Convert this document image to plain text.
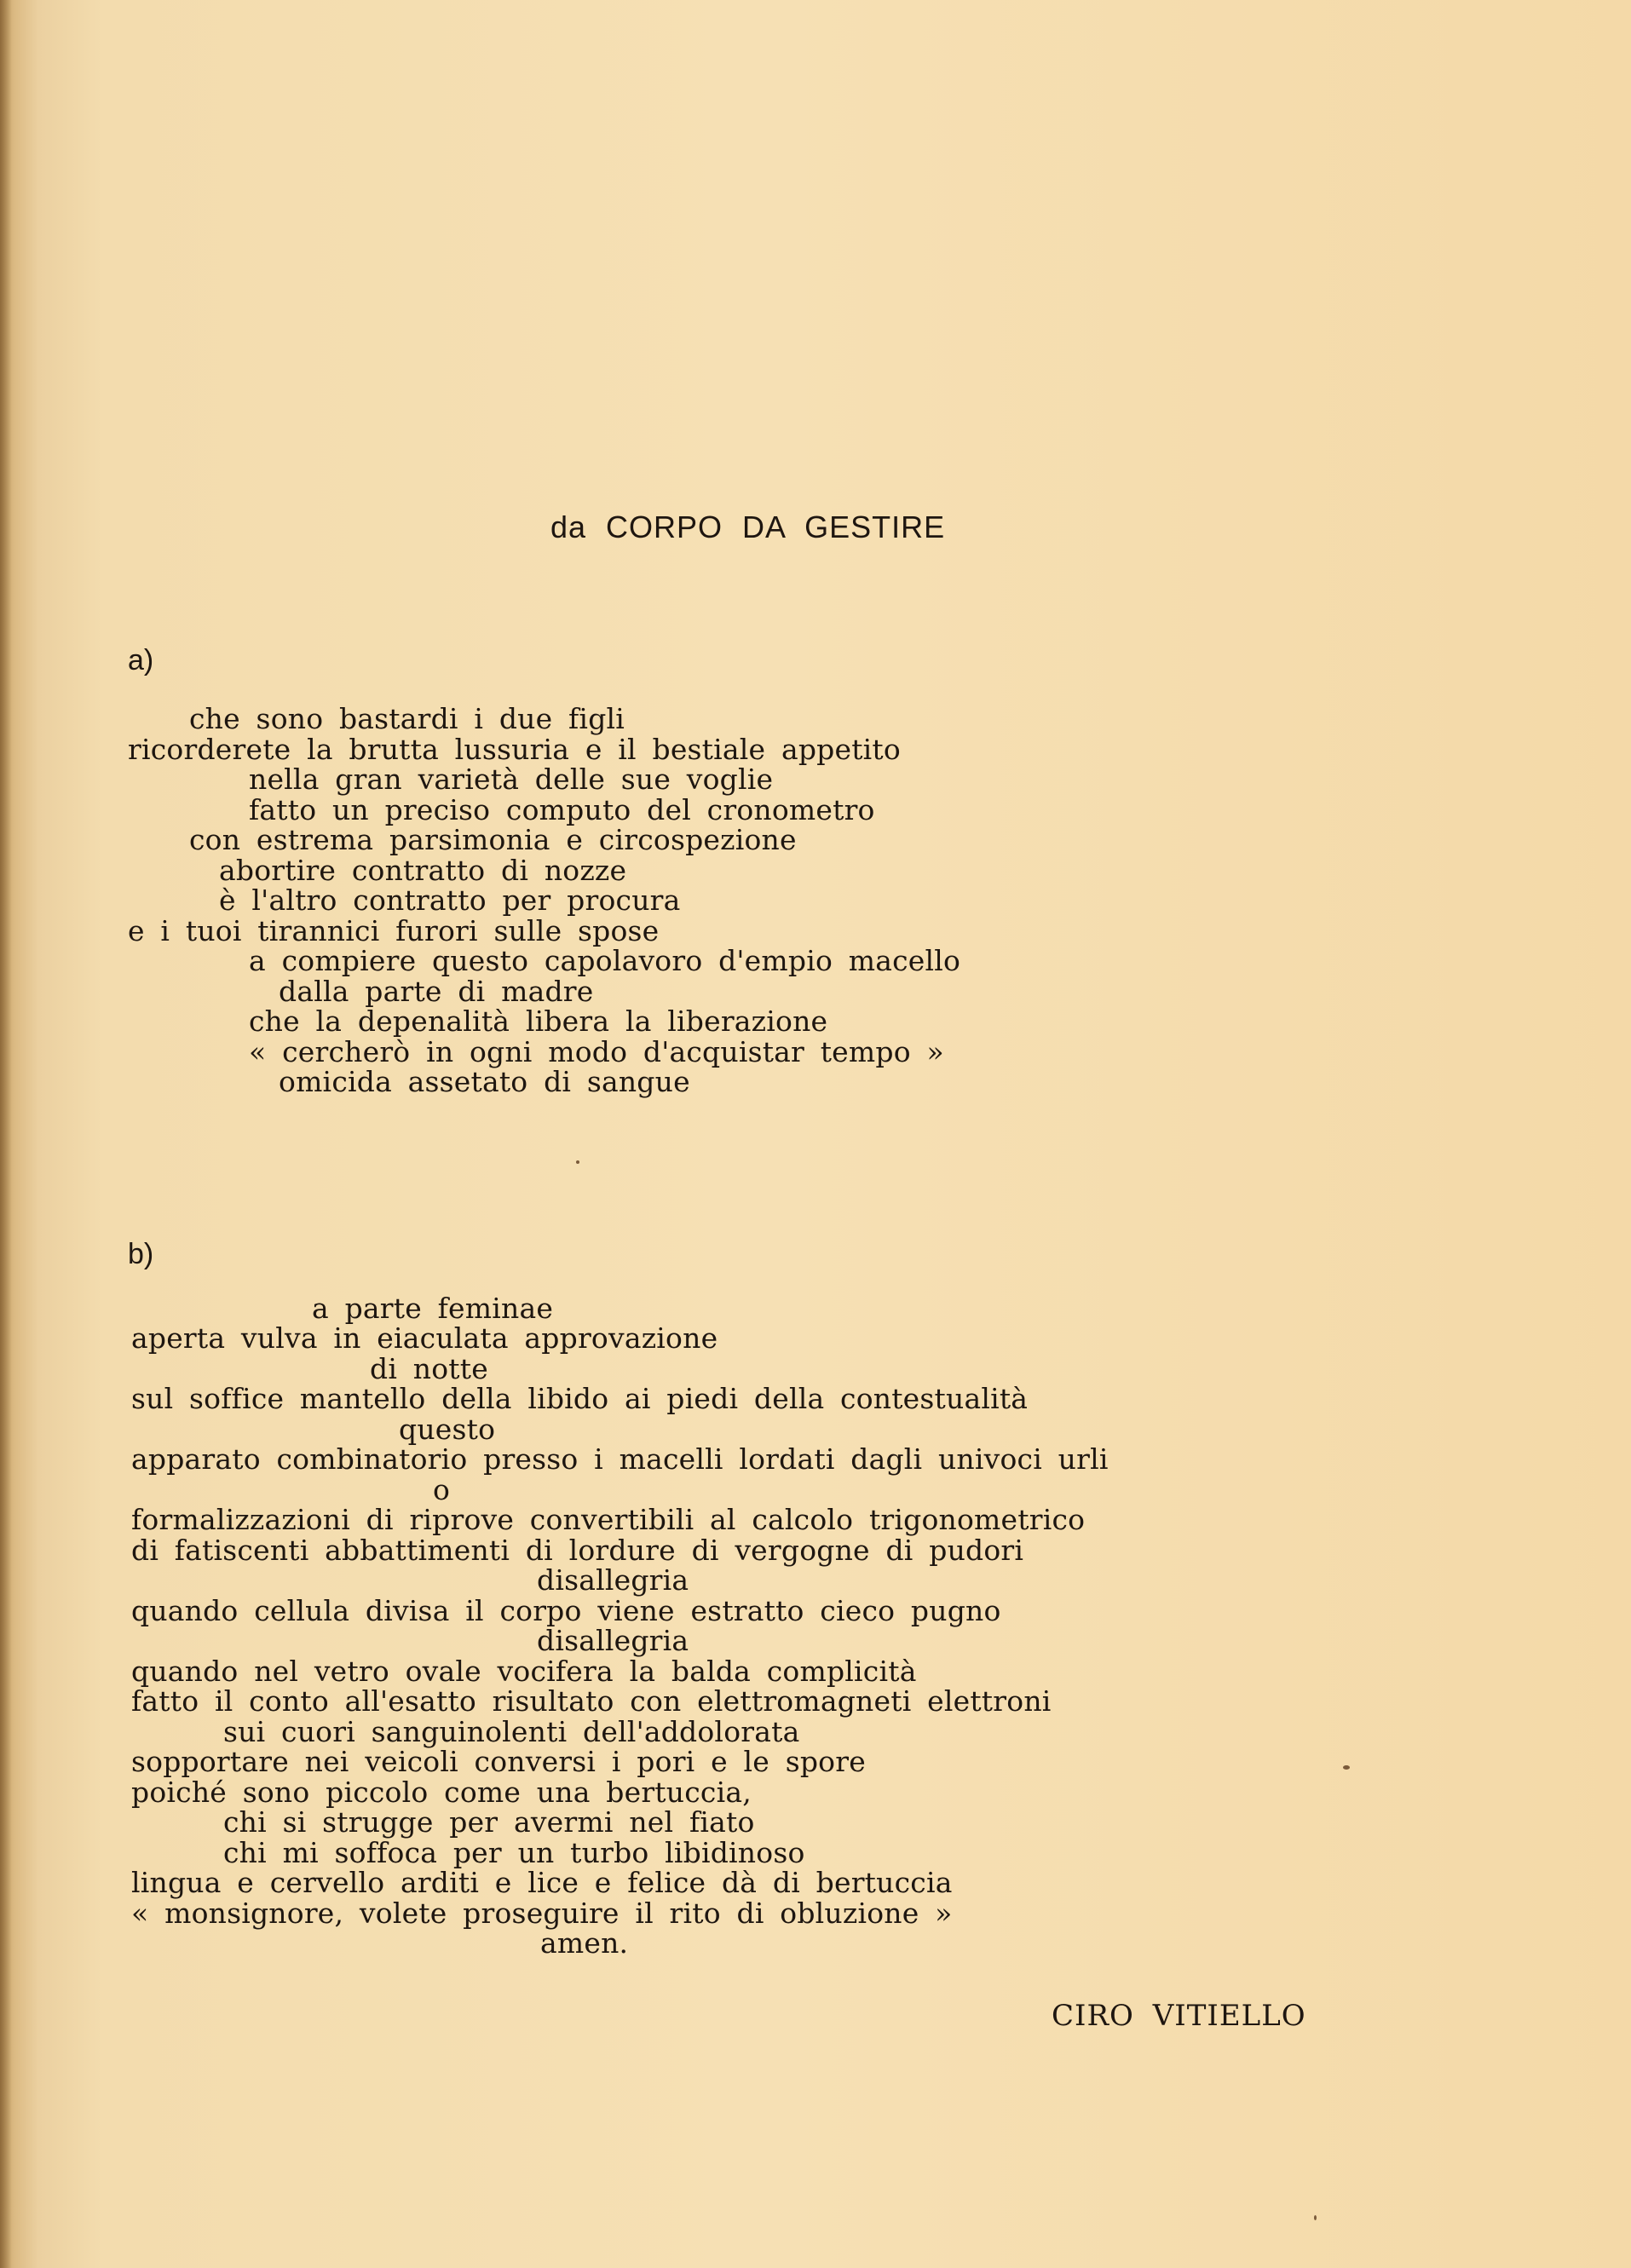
da CORPO DA GESTIRE
a)
che sono bastardi i due figli
ricorderete la brutta lussuria e il bestiale appetito
nella gran varietà delle sue voglie
fatto un preciso computo del cronometro
con estrema parsimonia e circospezione
abortire contratto di nozze
è l'altro contratto per procura
e i tuoi tirannici furori sulle spose
a compiere questo capolavoro d'empio macello
dalla parte di madre
che la depenalità libera la liberazione
« cercherò in ogni modo d'acquistar tempo »
omicida assetato di sangue
b)
a parte feminae
aperta vulva in eiaculata approvazione
di notte
sul soffice mantello della libido ai piedi della contestualità
questo
apparato combinatorio presso i macelli lordati dagli univoci urli
o
formalizzazioni di riprove convertibili al calcolo trigonometrico
di fatiscenti abbattimenti di lordure di vergogne di pudori
disallegria
quando cellula divisa il corpo viene estratto cieco pugno
disallegria
quando nel vetro ovale vocifera la balda complicità
fatto il conto all'esatto risultato con elettromagneti elettroni
sui cuori sanguinolenti dell'addolorata
sopportare nei veicoli conversi i pori e le spore
poiché sono piccolo come una bertuccia,
chi si strugge per avermi nel fiato
chi mi soffoca per un turbo libidinoso
lingua e cervello arditi e lice e felice dà di bertuccia
« monsignore, volete proseguire il rito di obluzione »
amen.
CIRO VITIELLO
